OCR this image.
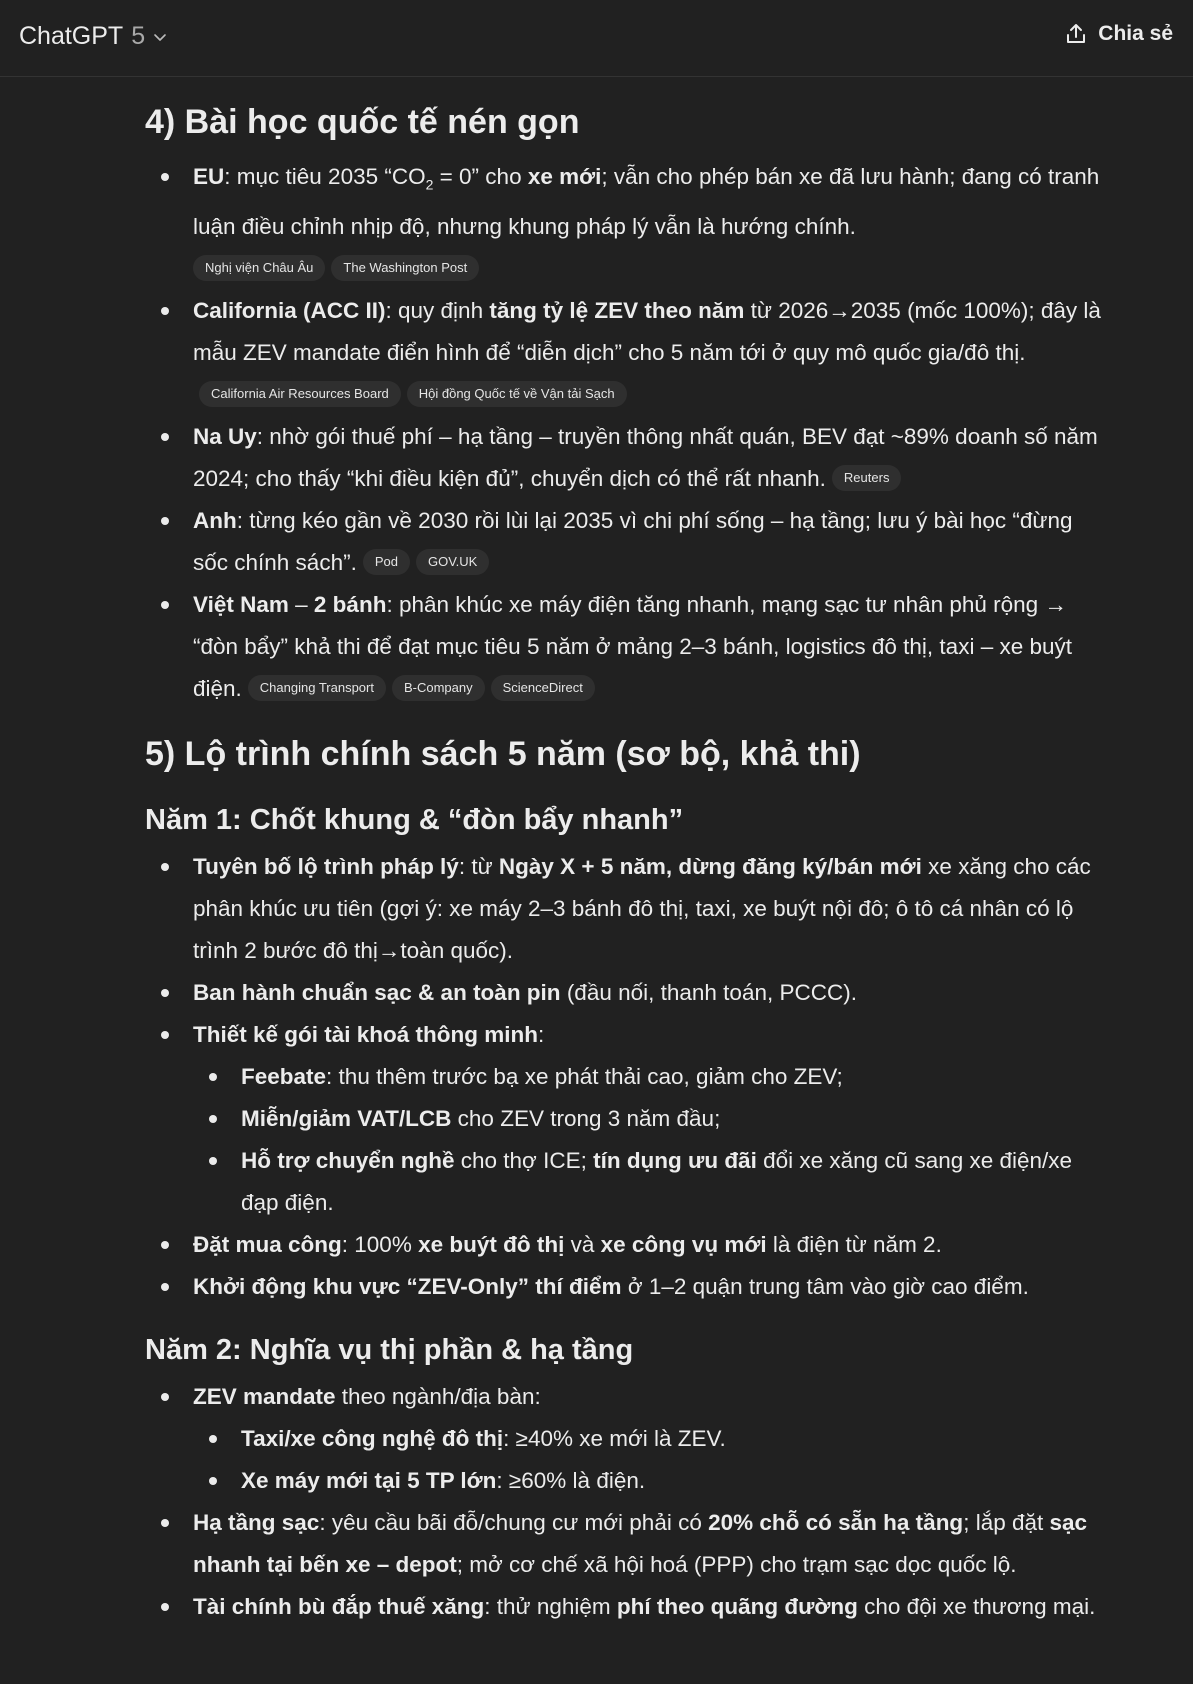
ChatGPT 5	Chia sẻ
4) Bài học quốc tế nén gọn
EU: mục tiêu 2035 “$CO_2 = 0$” cho xe mới; vẫn cho phép bán xe đã lưu hành; đang có tranh luận điều chỉnh nhịp độ, nhưng khung pháp lý vẫn là hướng chính.
Nghị viện Châu Âu The Washington Post
California (ACC II): quy định tăng tỷ lệ ZEV theo năm từ 2026→2035 (mốc 100%); đây là mẫu ZEV mandate điển hình để “diễn dịch” cho 5 năm tới ở quy mô quốc gia/đô thị.California Air Resources Board Hội đồng Quốc tế về Vận tải Sạch
Na Uy: nhờ gói thuế phí – hạ tầng – truyền thông nhất quán, BEV đạt ~89% doanh số năm 2024; cho thấy “khi điều kiện đủ”, chuyển dịch có thể rất nhanh. Reuters
Anh: từng kéo gần về 2030 rồi lùi lại 2035 vì chi phí sống – hạ tầng; lưu ý bài học “đừng sốc chính sách”. Pod GOV.UK
Việt Nam – 2 bánh: phân khúc xe máy điện tăng nhanh, mạng sạc tư nhân phủ rộng → “đòn bẩy” khả thi để đạt mục tiêu 5 năm ở mảng 2–3 bánh, logistics đô thị, taxi – xe buýt điện. Changing Transport B-Company ScienceDirect
5) Lộ trình chính sách 5 năm (sơ bộ, khả thi)
Năm 1: Chốt khung & “đòn bẩy nhanh”
Tuyên bố lộ trình pháp lý: từ Ngày X + 5 năm, dừng đăng ký/bán mới xe xăng cho các phân khúc ưu tiên (gợi ý: xe máy 2–3 bánh đô thị, taxi, xe buýt nội đô; ô tô cá nhân có lộ trình 2 bước đô thị→toàn quốc).
Ban hành chuẩn sạc & an toàn pin (đầu nối, thanh toán, PCCC).
Thiết kế gói tài khoá thông minh:
Feebate: thu thêm trước bạ xe phát thải cao, giảm cho ZEV;
Miễn/giảm VAT/LCB cho ZEV trong 3 năm đầu;
Hỗ trợ chuyển nghề cho thợ ICE; tín dụng ưu đãi đổi xe xăng cũ sang xe điện/xe đạp điện.
Đặt mua công: 100% xe buýt đô thị và xe công vụ mới là điện từ năm 2.
Khởi động khu vực “ZEV-Only” thí điểm ở 1–2 quận trung tâm vào giờ cao điểm.
Năm 2: Nghĩa vụ thị phần & hạ tầng
ZEV mandate theo ngành/địa bàn:
Taxi/xe công nghệ đô thị: ≥40% xe mới là ZEV.
Xe máy mới tại 5 TP lớn: ≥60% là điện.
Hạ tầng sạc: yêu cầu bãi đỗ/chung cư mới phải có 20% chỗ có sẵn hạ tầng; lắp đặt sạc nhanh tại bến xe – depot; mở cơ chế xã hội hoá (PPP) cho trạm sạc dọc quốc lộ.
Tài chính bù đắp thuế xăng: thử nghiệm phí theo quãng đường cho đội xe thương mại.
